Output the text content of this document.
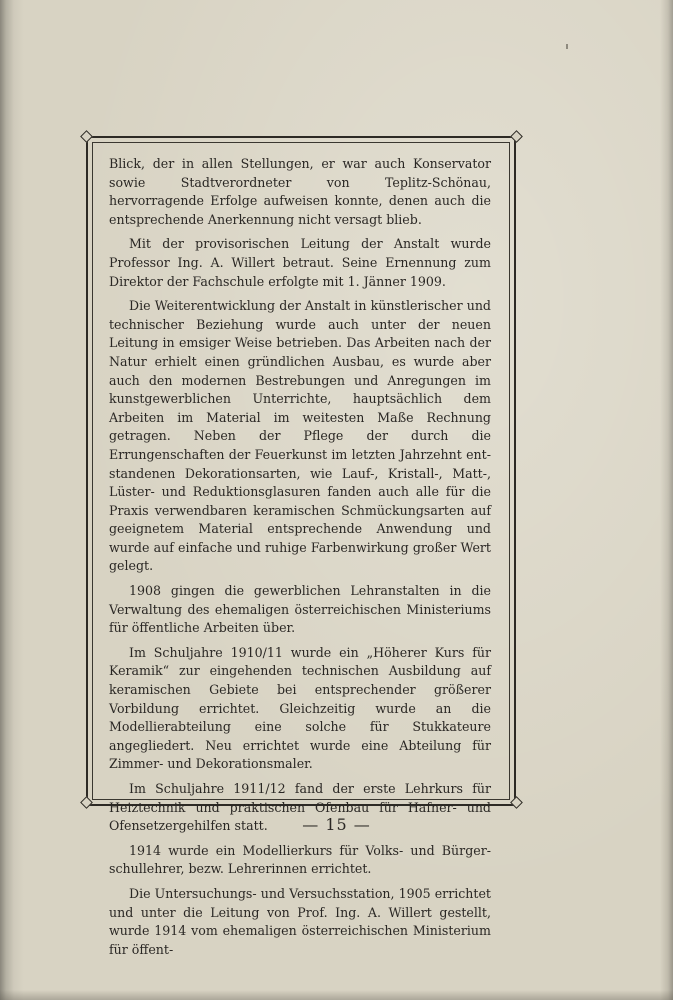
Blick, der in allen Stellungen, er war auch Konservator sowie Stadtverordneter von Teplitz-Schönau, hervorragende Erfolge aufweisen konnte, denen auch die entsprechende Anerkennung nicht versagt blieb.

Mit der provisorischen Leitung der Anstalt wurde Professor Ing. A. Willert betraut. Seine Ernennung zum Direktor der Fachschule erfolgte mit 1. Jänner 1909.

Die Weiterentwicklung der Anstalt in künstlerischer und technischer Beziehung wurde auch unter der neuen Leitung in emsiger Weise betrieben. Das Arbeiten nach der Natur erhielt einen gründlichen Ausbau, es wurde aber auch den modernen Bestrebungen und Anregungen im kunstgewerblichen Unterrichte, hauptsächlich dem Arbeiten im Material im weitesten Maße Rechnung getragen. Neben der Pflege der durch die Errungenschaften der Feuerkunst im letzten Jahrzehnt entstandenen Dekorationsarten, wie Lauf-, Kristall-, Matt-, Lüster- und Reduktionsglasuren fanden auch alle für die Praxis verwendbaren keramischen Schmückungsarten auf geeignetem Material entsprechende Anwendung und wurde auf einfache und ruhige Farbenwirkung großer Wert gelegt.

1908 gingen die gewerblichen Lehranstalten in die Verwaltung des ehemaligen österreichischen Ministeriums für öffentliche Arbeiten über.

Im Schuljahre 1910/11 wurde ein „Höherer Kurs für Keramik“ zur eingehenden technischen Ausbildung auf keramischen Gebiete bei entsprechender größerer Vorbildung errichtet. Gleichzeitig wurde an die Modellierabteilung eine solche für Stukkateure angegliedert. Neu errichtet wurde eine Abteilung für Zimmer- und Dekorationsmaler.

Im Schuljahre 1911/12 fand der erste Lehrkurs für Heiztechnik und praktischen Ofenbau für Hafner- und Ofensetzergehilfen statt.

1914 wurde ein Modellierkurs für Volks- und Bürgerschullehrer, bezw. Lehrerinnen errichtet.

Die Untersuchungs- und Versuchsstation, 1905 errichtet und unter die Leitung von Prof. Ing. A. Willert gestellt, wurde 1914 vom ehemaligen österreichischen Ministerium für öffent-

— 15 —
